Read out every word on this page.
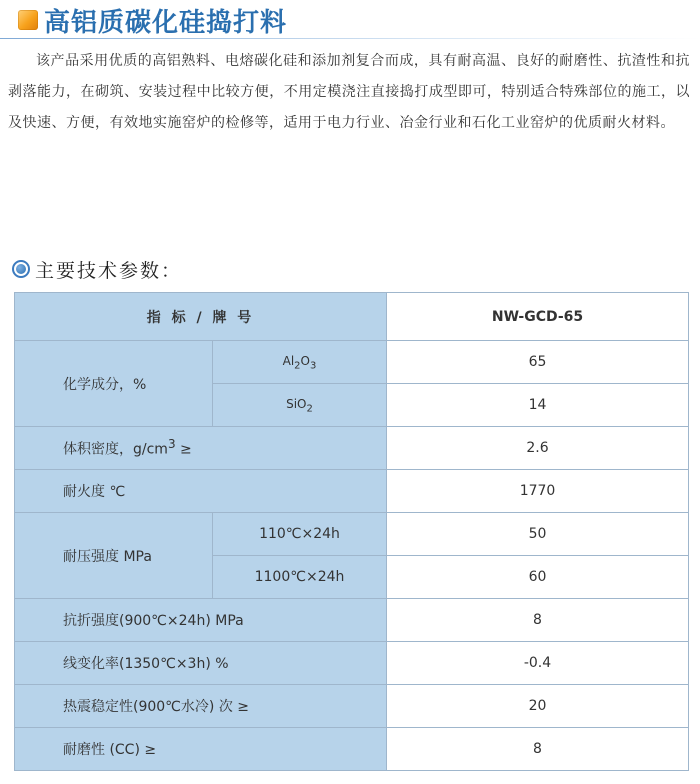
高铝质碳化硅捣打料

该产品采用优质的高铝熟料、电熔碳化硅和添加剂复合而成，具有耐高温、良好的耐磨性、抗渣性和抗剥落能力，在砌筑、安装过程中比较方便，不用定模浇注直接捣打成型即可，特别适合特殊部位的施工，以及快速、方便，有效地实施窑炉的检修等，适用于电力行业、冶金行业和石化工业窑炉的优质耐火材料。

主要技术参数：
指 标 / 牌 号		NW-GCD-65
化学成分，%	$Al_2O_3$	65
	SiO$_2$	14
体积密度，$g/cm^3$ ≥		2.6
耐火度 ℃		1770
耐压强度 MPa	110℃×24h	50
	1100℃×24h	60
抗折强度(900℃×24h) MPa		8
线变化率(1350℃×3h) %		-0.4
热震稳定性(900℃水冷) 次 ≥		20
耐磨性 (CC) ≥		8
